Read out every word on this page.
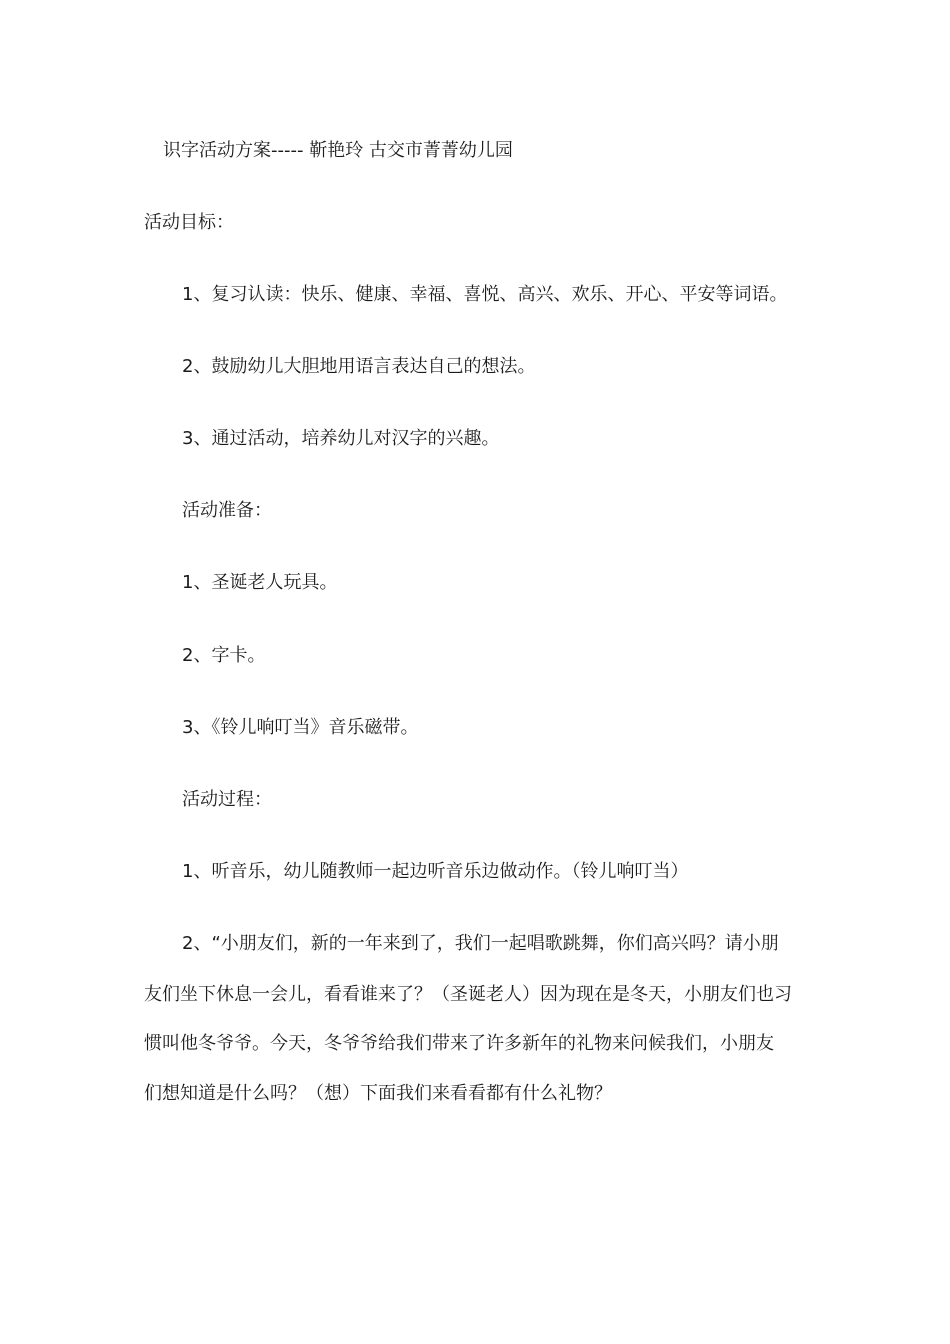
识字活动方案----- 靳艳玲 古交市菁菁幼儿园

活动目标：

1、复习认读：快乐、健康、幸福、喜悦、高兴、欢乐、开心、平安等词语。

2、鼓励幼儿大胆地用语言表达自己的想法。

3、通过活动，培养幼儿对汉字的兴趣。

活动准备：

1、圣诞老人玩具。

2、字卡。

3、《铃儿响叮当》音乐磁带。

活动过程：

1、听音乐，幼儿随教师一起边听音乐边做动作。（铃儿响叮当）

2、“小朋友们，新的一年来到了，我们一起唱歌跳舞，你们高兴吗？请小朋

友们坐下休息一会儿，看看谁来了？（圣诞老人）因为现在是冬天，小朋友们也习

惯叫他冬爷爷。今天，冬爷爷给我们带来了许多新年的礼物来问候我们，小朋友

们想知道是什么吗？（想）下面我们来看看都有什么礼物？
